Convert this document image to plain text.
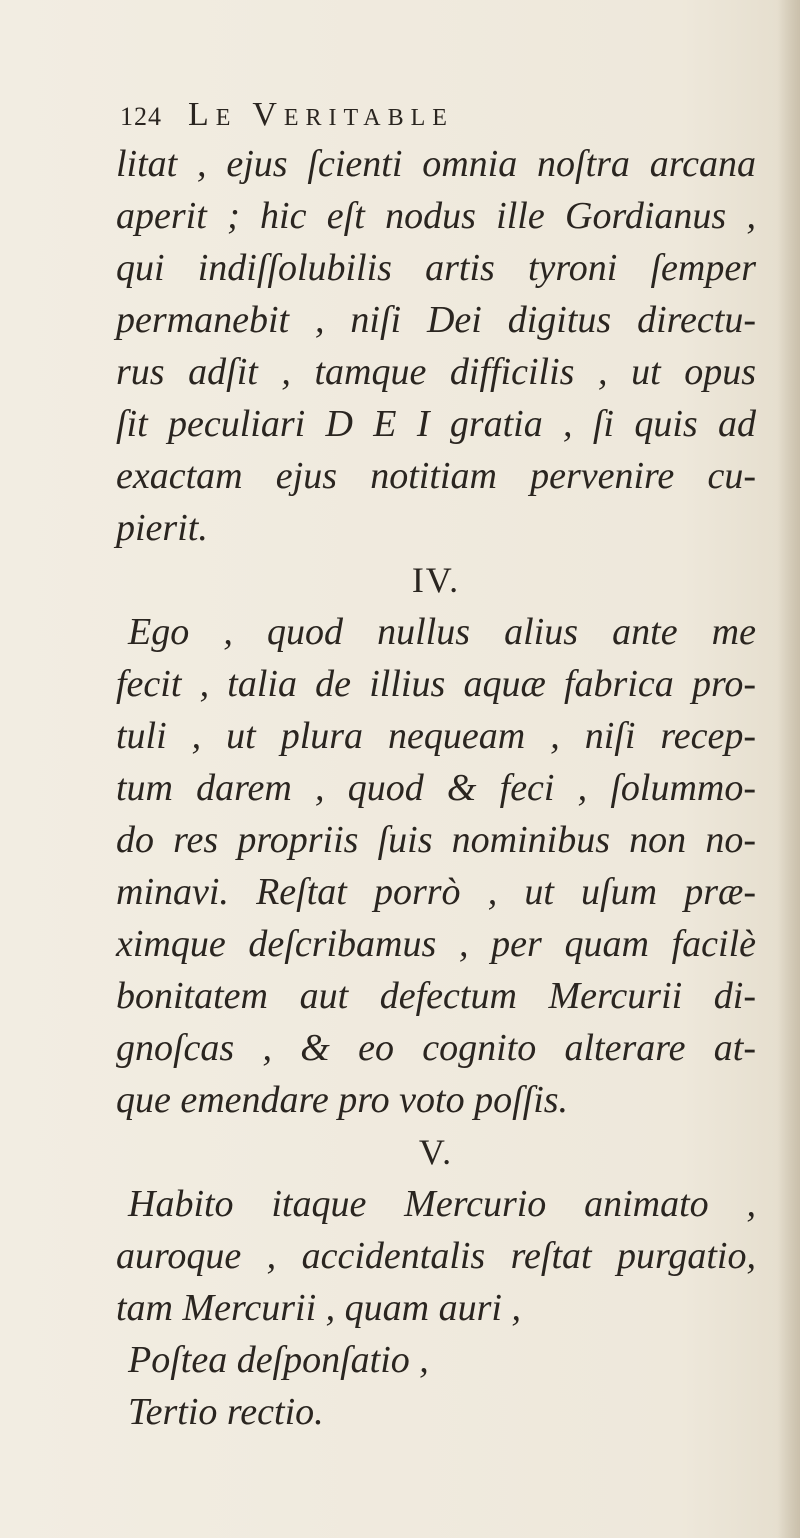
124 Le Veritable
litat , ejus ſcienti omnia noſtra arcana
aperit ; hic eſt nodus ille Gordianus ,
qui indiſſolubilis artis tyroni ſemper
permanebit , niſi Dei digitus directu-
rus adſit , tamque difficilis , ut opus
ſit peculiari D E I gratia , ſi quis ad
exactam ejus notitiam pervenire cu-
pierit.
IV.
Ego , quod nullus alius ante me
fecit , talia de illius aquæ fabrica pro-
tuli , ut plura nequeam , niſi recep-
tum darem , quod & feci , ſolummo-
do res propriis ſuis nominibus non no-
minavi. Reſtat porrò , ut uſum præ-
ximque deſcribamus , per quam facilè
bonitatem aut defectum Mercurii di-
gnoſcas , & eo cognito alterare at-
que emendare pro voto poſſis.
V.
Habito itaque Mercurio animato ,
auroque , accidentalis reſtat purgatio,
tam Mercurii , quam auri ,
Poſtea deſponſatio ,
Tertio rectio.
